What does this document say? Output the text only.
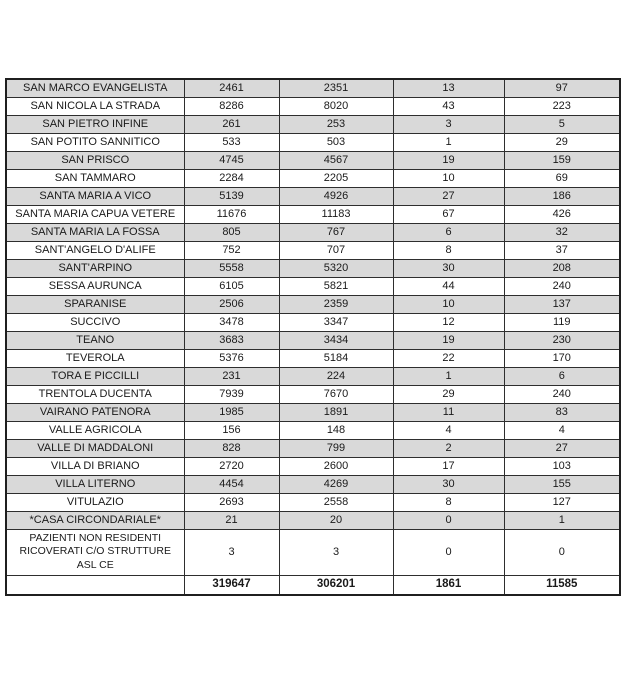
SAN MARCO EVANGELISTA	2461	2351	13	97
SAN NICOLA LA STRADA	8286	8020	43	223
SAN PIETRO INFINE	261	253	3	5
SAN POTITO SANNITICO	533	503	1	29
SAN PRISCO	4745	4567	19	159
SAN TAMMARO	2284	2205	10	69
SANTA MARIA A VICO	5139	4926	27	186
SANTA MARIA CAPUA VETERE	11676	11183	67	426
SANTA MARIA LA FOSSA	805	767	6	32
SANT'ANGELO D'ALIFE	752	707	8	37
SANT'ARPINO	5558	5320	30	208
SESSA AURUNCA	6105	5821	44	240
SPARANISE	2506	2359	10	137
SUCCIVO	3478	3347	12	119
TEANO	3683	3434	19	230
TEVEROLA	5376	5184	22	170
TORA E PICCILLI	231	224	1	6
TRENTOLA DUCENTA	7939	7670	29	240
VAIRANO PATENORA	1985	1891	11	83
VALLE AGRICOLA	156	148	4	4
VALLE DI MADDALONI	828	799	2	27
VILLA DI BRIANO	2720	2600	17	103
VILLA LITERNO	4454	4269	30	155
VITULAZIO	2693	2558	8	127
*CASA CIRCONDARIALE*	21	20	0	1
PAZIENTI NON RESIDENTI RICOVERATI C/O STRUTTURE ASL CE	3	3	0	0
	319647	306201	1861	11585
